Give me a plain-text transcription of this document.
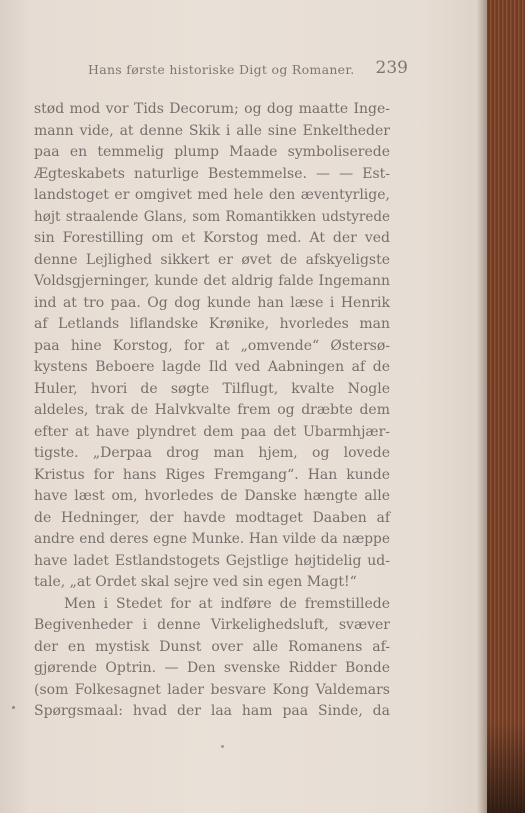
Hans første historiske Digt og Romaner. 239
stød mod vor Tids Decorum; og dog maatte Inge-
mann vide, at denne Skik i alle sine Enkeltheder
paa en temmelig plump Maade symboliserede
Ægteskabets naturlige Bestemmelse. — — Est-
landstoget er omgivet med hele den æventyrlige,
højt straalende Glans, som Romantikken udstyrede
sin Forestilling om et Korstog med. At der ved
denne Lejlighed sikkert er øvet de afskyeligste
Voldsgjerninger, kunde det aldrig falde Ingemann
ind at tro paa. Og dog kunde han læse i Henrik
af Letlands liflandske Krønike, hvorledes man
paa hine Korstog, for at „omvende“ Østersø-
kystens Beboere lagde Ild ved Aabningen af de
Huler, hvori de søgte Tilflugt, kvalte Nogle
aldeles, trak de Halvkvalte frem og dræbte dem
efter at have plyndret dem paa det Ubarmhjær-
tigste. „Derpaa drog man hjem, og lovede
Kristus for hans Riges Fremgang“. Han kunde
have læst om, hvorledes de Danske hængte alle
de Hedninger, der havde modtaget Daaben af
andre end deres egne Munke. Han vilde da næppe
have ladet Estlandstogets Gejstlige højtidelig ud-
tale, „at Ordet skal sejre ved sin egen Magt!“
Men i Stedet for at indføre de fremstillede
Begivenheder i denne Virkelighedsluft, svæver
der en mystisk Dunst over alle Romanens af-
gjørende Optrin. — Den svenske Ridder Bonde
(som Folkesagnet lader besvare Kong Valdemars
Spørgsmaal: hvad der laa ham paa Sinde, da
